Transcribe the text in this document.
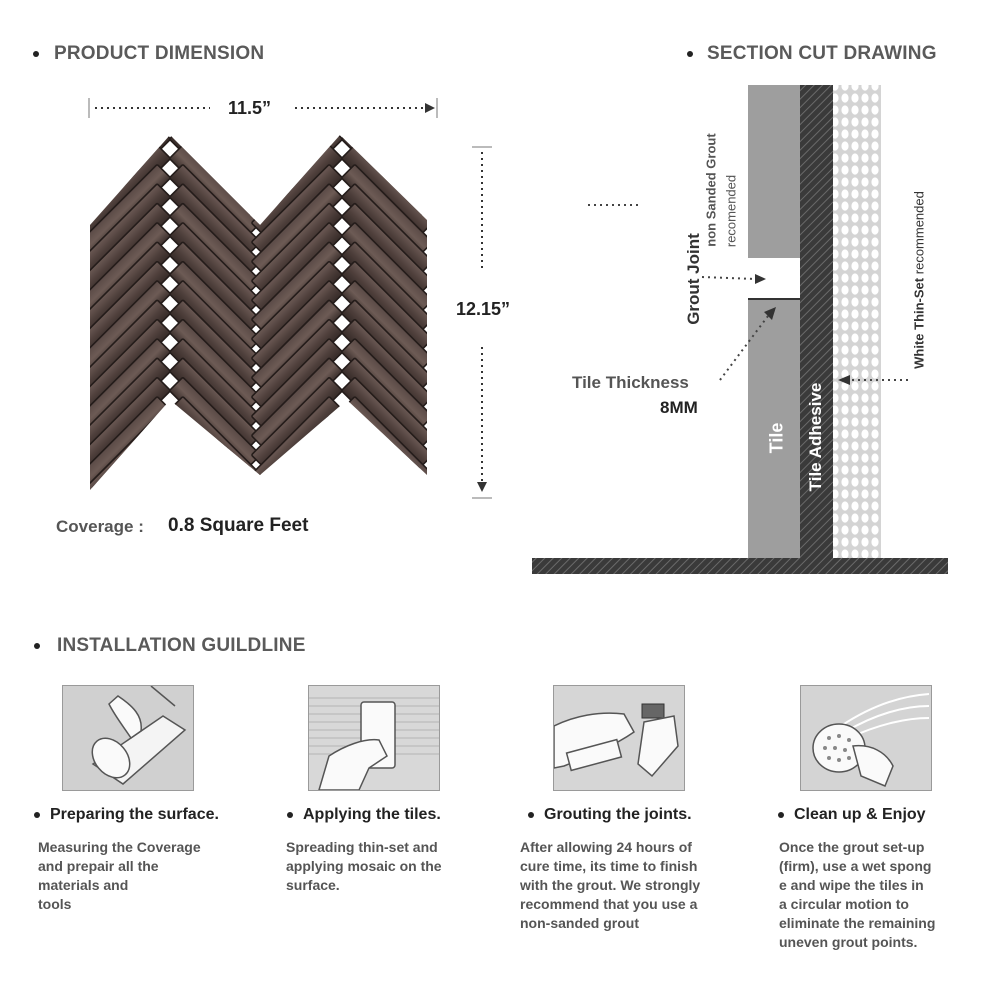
PRODUCT DIMENSION
11.5”
12.15”
Coverage : 0.8 Square Feet
SECTION CUT DRAWING
Grout Joint
non Sanded Grout recomended
White Thin-Set recommended
Tile Tile Adhesive
Tile Thickness
8MM
INSTALLATION GUILDLINE
Preparing the surface.
Measuring the Coverage
and prepair all the
materials and
tools
Applying the tiles.
Spreading thin-set and
applying mosaic on the
surface.
Grouting the joints.
After allowing 24 hours of
cure time, its time to finish
with the grout. We strongly
recommend that you use a
non-sanded grout
Clean up & Enjoy
Once the grout set-up
(firm), use a wet spong
e and wipe the tiles in
a circular motion to
eliminate the remaining
uneven grout points.
